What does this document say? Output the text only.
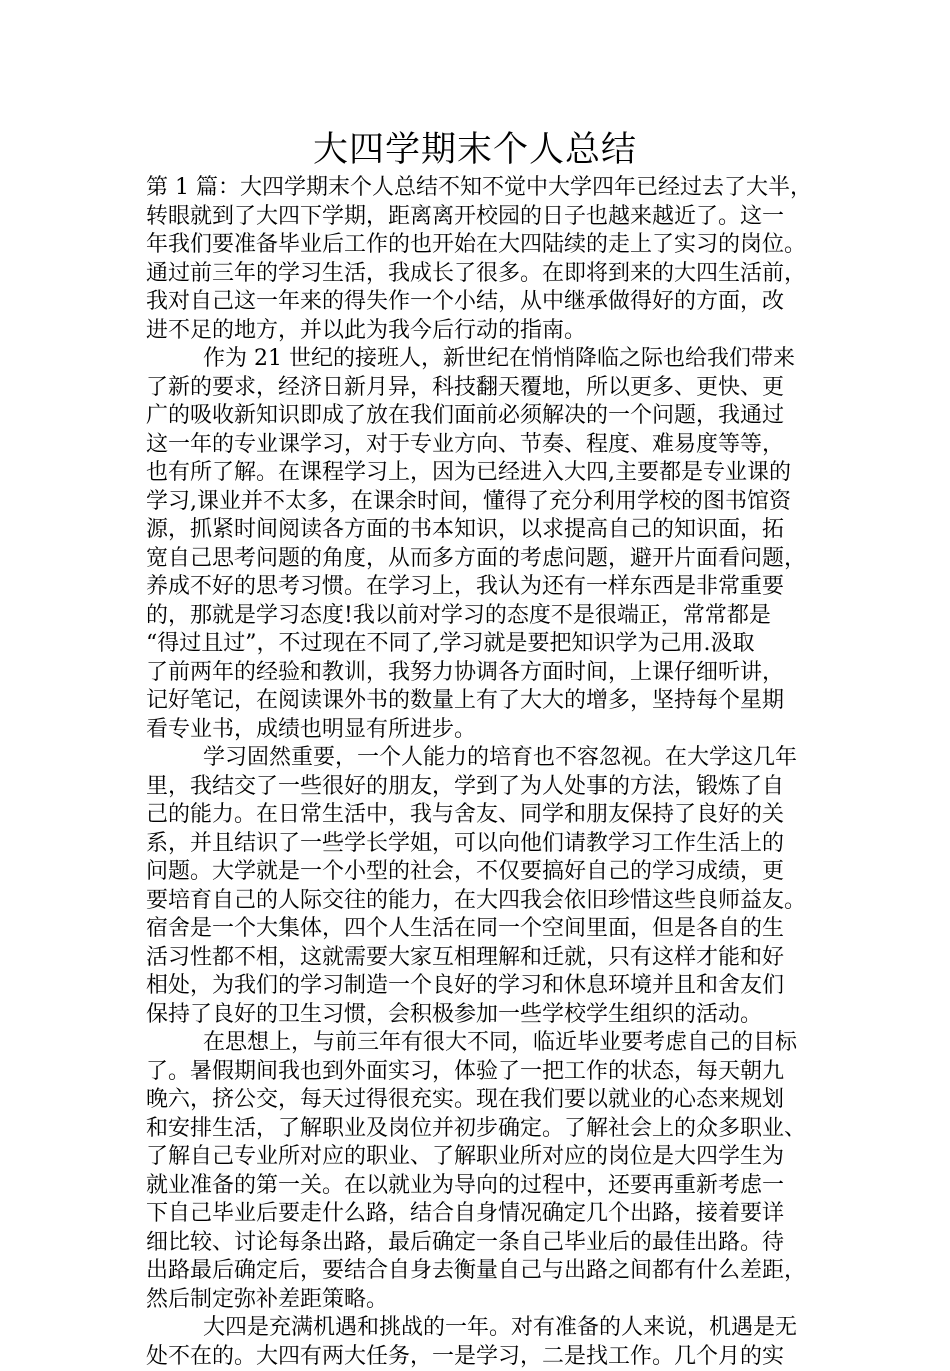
大四学期末个人总结
第 1 篇：大四学期末个人总结不知不觉中大学四年已经过去了大半，
转眼就到了大四下学期，距离离开校园的日子也越来越近了。这一
年我们要准备毕业后工作的也开始在大四陆续的走上了实习的岗位。
通过前三年的学习生活，我成长了很多。在即将到来的大四生活前，
我对自己这一年来的得失作一个小结，从中继承做得好的方面，改
进不足的地方，并以此为我今后行动的指南。
作为 21 世纪的接班人，新世纪在悄悄降临之际也给我们带来
了新的要求，经济日新月异，科技翻天覆地，所以更多、更快、更
广的吸收新知识即成了放在我们面前必须解决的一个问题，我通过
这一年的专业课学习，对于专业方向、节奏、程度、难易度等等，
也有所了解。在课程学习上，因为已经进入大四,主要都是专业课的
学习,课业并不太多，在课余时间，懂得了充分利用学校的图书馆资
源，抓紧时间阅读各方面的书本知识，以求提高自己的知识面，拓
宽自己思考问题的角度，从而多方面的考虑问题，避开片面看问题，
养成不好的思考习惯。在学习上，我认为还有一样东西是非常重要
的，那就是学习态度!我以前对学习的态度不是很端正，常常都是
“得过且过”，不过现在不同了,学习就是要把知识学为己用.汲取
了前两年的经验和教训，我努力协调各方面时间，上课仔细听讲，
记好笔记，在阅读课外书的数量上有了大大的增多，坚持每个星期
看专业书，成绩也明显有所进步。
学习固然重要，一个人能力的培育也不容忽视。在大学这几年
里，我结交了一些很好的朋友，学到了为人处事的方法，锻炼了自
己的能力。在日常生活中，我与舍友、同学和朋友保持了良好的关
系，并且结识了一些学长学姐，可以向他们请教学习工作生活上的
问题。大学就是一个小型的社会，不仅要搞好自己的学习成绩，更
要培育自己的人际交往的能力，在大四我会依旧珍惜这些良师益友。
宿舍是一个大集体，四个人生活在同一个空间里面，但是各自的生
活习性都不相，这就需要大家互相理解和迁就，只有这样才能和好
相处，为我们的学习制造一个良好的学习和休息环境并且和舍友们
保持了良好的卫生习惯，会积极参加一些学校学生组织的活动。
在思想上，与前三年有很大不同，临近毕业要考虑自己的目标
了。暑假期间我也到外面实习，体验了一把工作的状态，每天朝九
晚六，挤公交，每天过得很充实。现在我们要以就业的心态来规划
和安排生活，了解职业及岗位并初步确定。了解社会上的众多职业、
了解自己专业所对应的职业、了解职业所对应的岗位是大四学生为
就业准备的第一关。在以就业为导向的过程中，还要再重新考虑一
下自己毕业后要走什么路，结合自身情况确定几个出路，接着要详
细比较、讨论每条出路，最后确定一条自己毕业后的最佳出路。待
出路最后确定后，要结合自身去衡量自己与出路之间都有什么差距，
然后制定弥补差距策略。
大四是充满机遇和挑战的一年。对有准备的人来说，机遇是无
处不在的。大四有两大任务，一是学习，二是找工作。几个月的实
